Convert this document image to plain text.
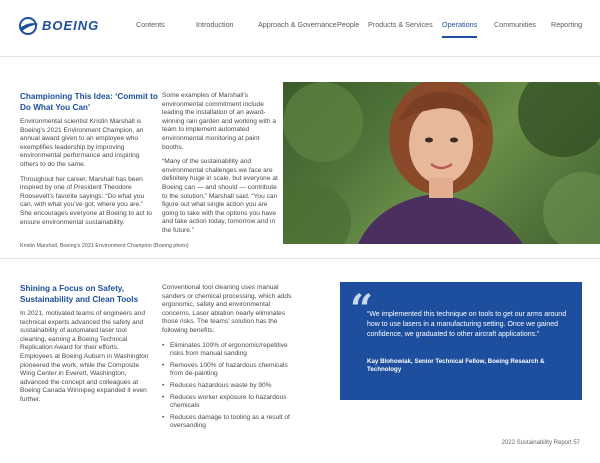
BOEING	Contents	Introduction	Approach & Governance People Products & Services Operations Communities Reporting
Championing This Idea: ‘Commit to Do What You Can’

Environmental scientist Kristin Marshall is Boeing’s 2021 Environment Champion, an annual award given to an employee who exemplifies leadership by improving environmental performance and inspiring others to do the same.

Throughout her career, Marshall has been inspired by one of President Theodore Roosevelt’s favorite sayings: “Do what you can, with what you’ve got, where you are.” She encourages everyone at Boeing to act to ensure environmental sustainability.

Some examples of Marshall’s environmental commitment include leading the installation of an award-winning rain garden and working with a team to implement automated environmental monitoring at paint booths.

“Many of the sustainability and environmental challenges we face are definitely huge in scale, but everyone at Boeing can — and should — contribute to the solution,” Marshall said. “You can figure out what single action you are going to take with the options you have and take action today, tomorrow and in the future.”

Kristin Marshall, Boeing’s 2021 Environment Champion (Boeing photo)
Shining a Focus on Safety, Sustainability and Clean Tools

In 2021, motivated teams of engineers and technical experts advanced the safety and sustainability of automated laser tool cleaning, earning a Boeing Technical Replication Award for their efforts. Employees at Boeing Auburn in Washington pioneered the work, while the Composite Wing Center in Everett, Washington, advanced the concept and colleagues at Boeing Canada Winnipeg expanded it even further.

Conventional tool cleaning uses manual sanders or chemical processing, which adds ergonomic, safety and environmental concerns. Laser ablation nearly eliminates those risks. The teams’ solution has the following benefits:

• Eliminates 100% of ergonomic/repetitive risks from manual sanding
• Removes 100% of hazardous chemicals from de-painting
• Reduces hazardous waste by 90%
• Reduces worker exposure to hazardous chemicals
• Reduces damage to tooling as a result of oversanding
“
“We implemented this technique on tools to get our arms around how to use lasers in a manufacturing setting. Once we gained confidence, we graduated to other aircraft applications.”
Kay Blohowiak, Senior Technical Fellow, Boeing Research & Technology
2022 Sustainability Report 57
